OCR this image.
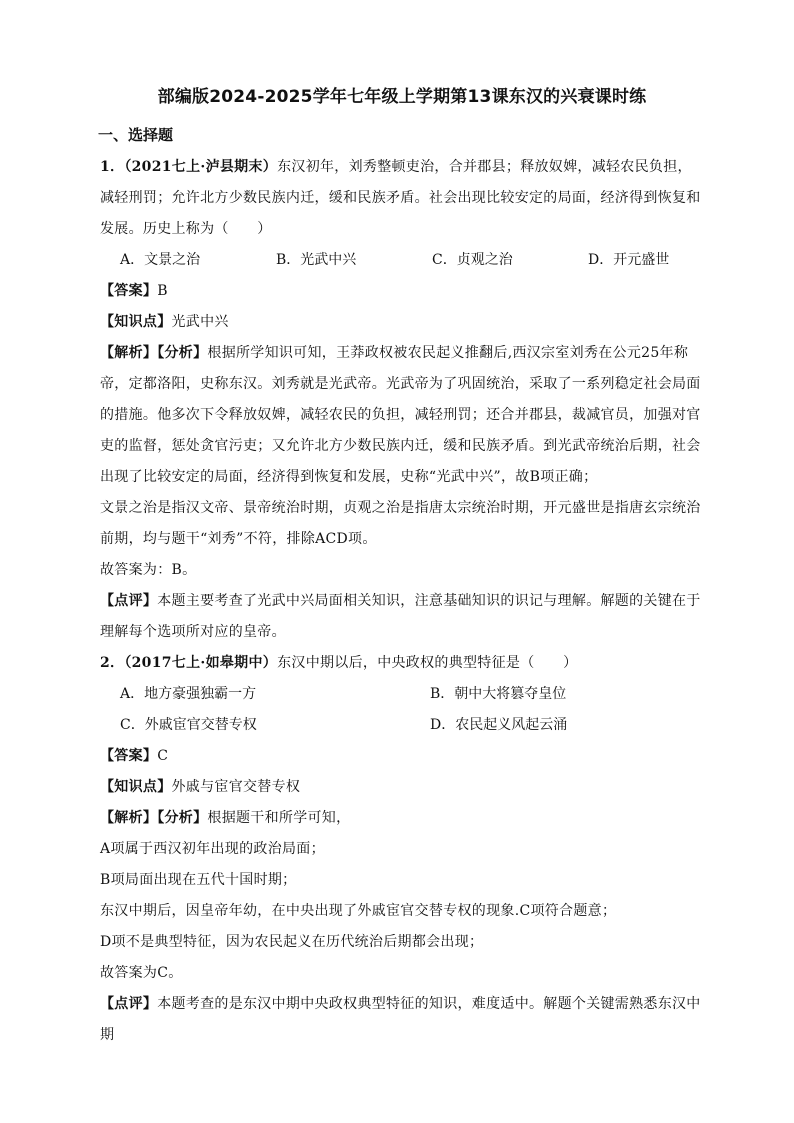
部编版2024-2025学年七年级上学期第13课东汉的兴衰课时练
一、选择题

1．（2021七上·泸县期末）东汉初年，刘秀整顿吏治，合并郡县；释放奴婢，减轻农民负担，减轻刑罚；允许北方少数民族内迁，缓和民族矛盾。社会出现比较安定的局面，经济得到恢复和发展。历史上称为（　　）

A．文景之治	B．光武中兴	C．贞观之治	D．开元盛世

【答案】B

【知识点】光武中兴

【解析】【分析】根据所学知识可知，王莽政权被农民起义推翻后,西汉宗室刘秀在公元25年称帝，定都洛阳，史称东汉。刘秀就是光武帝。光武帝为了巩固统治，采取了一系列稳定社会局面的措施。他多次下令释放奴婢，减轻农民的负担，减轻刑罚；还合并郡县，裁减官员，加强对官吏的监督，惩处贪官污吏；又允许北方少数民族内迁，缓和民族矛盾。到光武帝统治后期，社会出现了比较安定的局面，经济得到恢复和发展，史称“光武中兴”，故B项正确；

文景之治是指汉文帝、景帝统治时期，贞观之治是指唐太宗统治时期，开元盛世是指唐玄宗统治前期，均与题干“刘秀”不符，排除ACD项。

故答案为：B。

【点评】本题主要考查了光武中兴局面相关知识，注意基础知识的识记与理解。解题的关键在于理解每个选项所对应的皇帝。

2．（2017七上·如皋期中）东汉中期以后，中央政权的典型特征是（　　）

A．地方豪强独霸一方	B．朝中大将篡夺皇位
C．外戚宦官交替专权	D．农民起义风起云涌

【答案】C

【知识点】外戚与宦官交替专权

【解析】【分析】根据题干和所学可知，

A项属于西汉初年出现的政治局面；

B项局面出现在五代十国时期；

东汉中期后，因皇帝年幼，在中央出现了外戚宦官交替专权的现象.C项符合题意；

D项不是典型特征，因为农民起义在历代统治后期都会出现；

故答案为C。

【点评】本题考查的是东汉中期中央政权典型特征的知识，难度适中。解题个关键需熟悉东汉中期
